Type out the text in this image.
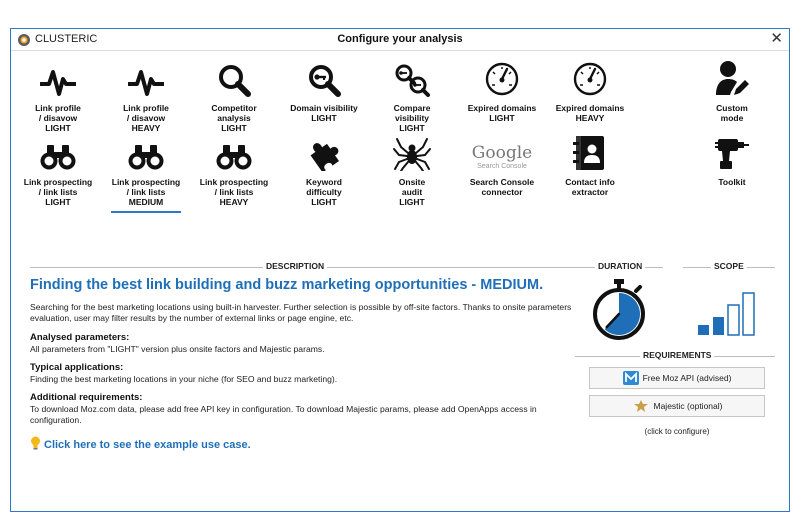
CLUSTERIC	Configure your analysis	✕
Link profile
/ disavow
LIGHT
Link profile
/ disavow
HEAVY
Competitor
analysis
LIGHT
Domain visibility
LIGHT
Compare
visibility
LIGHT
Expired domains
LIGHT
Expired domains
HEAVY
Custom
mode
Link prospecting
/ link lists
LIGHT
Link prospecting
/ link lists
MEDIUM
Link prospecting
/ link lists
HEAVY
Keyword
difficulty
LIGHT
Onsite
audit
LIGHT
Google
Search Console
Search Console
connector
Contact info
extractor
Toolkit
DESCRIPTION	DURATION	SCOPE
Finding the best link building and buzz marketing opportunities - MEDIUM.
Searching for the best marketing locations using built-in harvester. Further selection is possible by off-site factors. Thanks to onsite parameters evaluation, user may filter results by the number of external links or page engine, etc.
Analysed parameters:
All parameters from "LIGHT" version plus onsite factors and Majestic params.
Typical applications:
Finding the best marketing locations in your niche (for SEO and buzz marketing).
Additional requirements:
To download Moz.com data, please add free API key in configuration. To download Majestic params, please add OpenApps access in configuration.
Click here to see the example use case.
REQUIREMENTS
Free Moz API (advised)
Majestic (optional)
(click to configure)
